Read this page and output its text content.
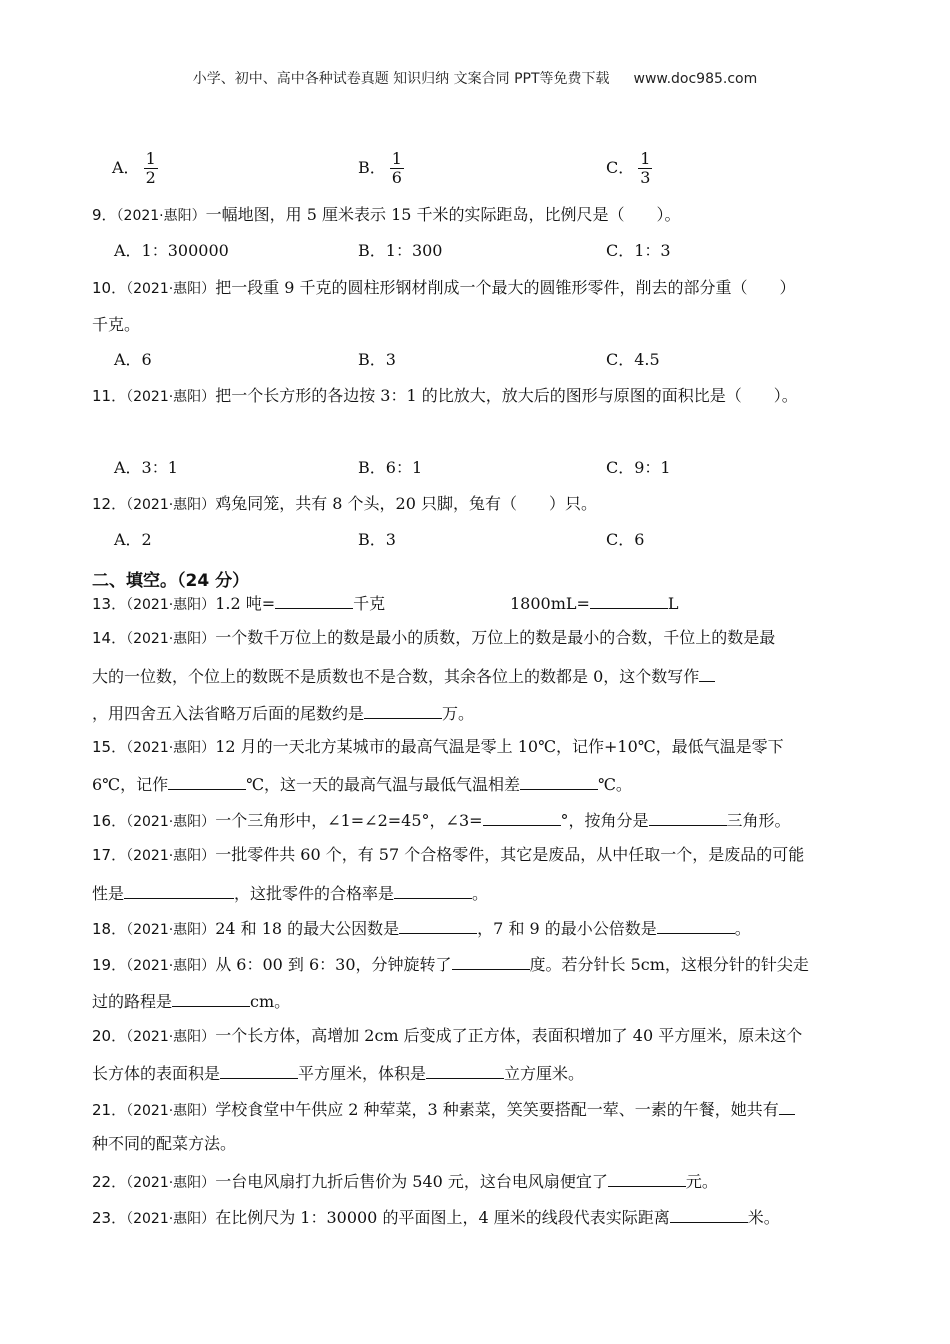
小学、初中、高中各种试卷真题 知识归纳 文案合同 PPT等免费下载 www.doc985.com
A． $\frac{1}{2}$	B． $\frac{1}{6}$	C． $\frac{1}{3}$
9．（2021·惠阳）一幅地图，用 5 厘米表示 15 千米的实际距岛，比例尺是（　　）。
A．1：300000	B．1：300	C．1：3
10．（2021·惠阳）把一段重 9 千克的圆柱形钢材削成一个最大的圆锥形零件，削去的部分重（　　）
千克。
A．6	B．3	C．4.5
11．（2021·惠阳）把一个长方形的各边按 3：1 的比放大，放大后的图形与原图的面积比是（　　）。
A．3：1	B．6：1	C．9：1
12．（2021·惠阳）鸡兔同笼，共有 8 个头，20 只脚，兔有（　　）只。
A．2	B．3	C．6
二、填空。（24 分）
13．（2021·惠阳）1.2 吨=	千克	1800mL=	L
14．（2021·惠阳）一个数千万位上的数是最小的质数，万位上的数是最小的合数，千位上的数是最
大的一位数，个位上的数既不是质数也不是合数，其余各位上的数都是 0，这个数写作
，用四舍五入法省略万后面的尾数约是	万。
15．（2021·惠阳）12 月的一天北方某城市的最高气温是零上 10℃，记作+10℃，最低气温是零下
6℃，记作	℃，这一天的最高气温与最低气温相差	℃。
16．（2021·惠阳）一个三角形中，∠1=∠2=45°，∠3=	°，按角分是	三角形。
17．（2021·惠阳）一批零件共 60 个，有 57 个合格零件，其它是废品，从中任取一个，是废品的可能
性是	，这批零件的合格率是	。
18．（2021·惠阳）24 和 18 的最大公因数是	，7 和 9 的最小公倍数是	。
19．（2021·惠阳）从 6：00 到 6：30，分钟旋转了	度。若分针长 5cm，这根分针的针尖走
过的路程是	cm。
20．（2021·惠阳）一个长方体，高增加 2cm 后变成了正方体，表面积增加了 40 平方厘米，原未这个
长方体的表面积是	平方厘米，体积是	立方厘米。
21．（2021·惠阳）学校食堂中午供应 2 种荤菜，3 种素菜，笑笑要搭配一荤、一素的午餐，她共有
种不同的配菜方法。
22．（2021·惠阳）一台电风扇打九折后售价为 540 元，这台电风扇便宜了	元。
23．（2021·惠阳）在比例尺为 1：30000 的平面图上，4 厘米的线段代表实际距离	米。
